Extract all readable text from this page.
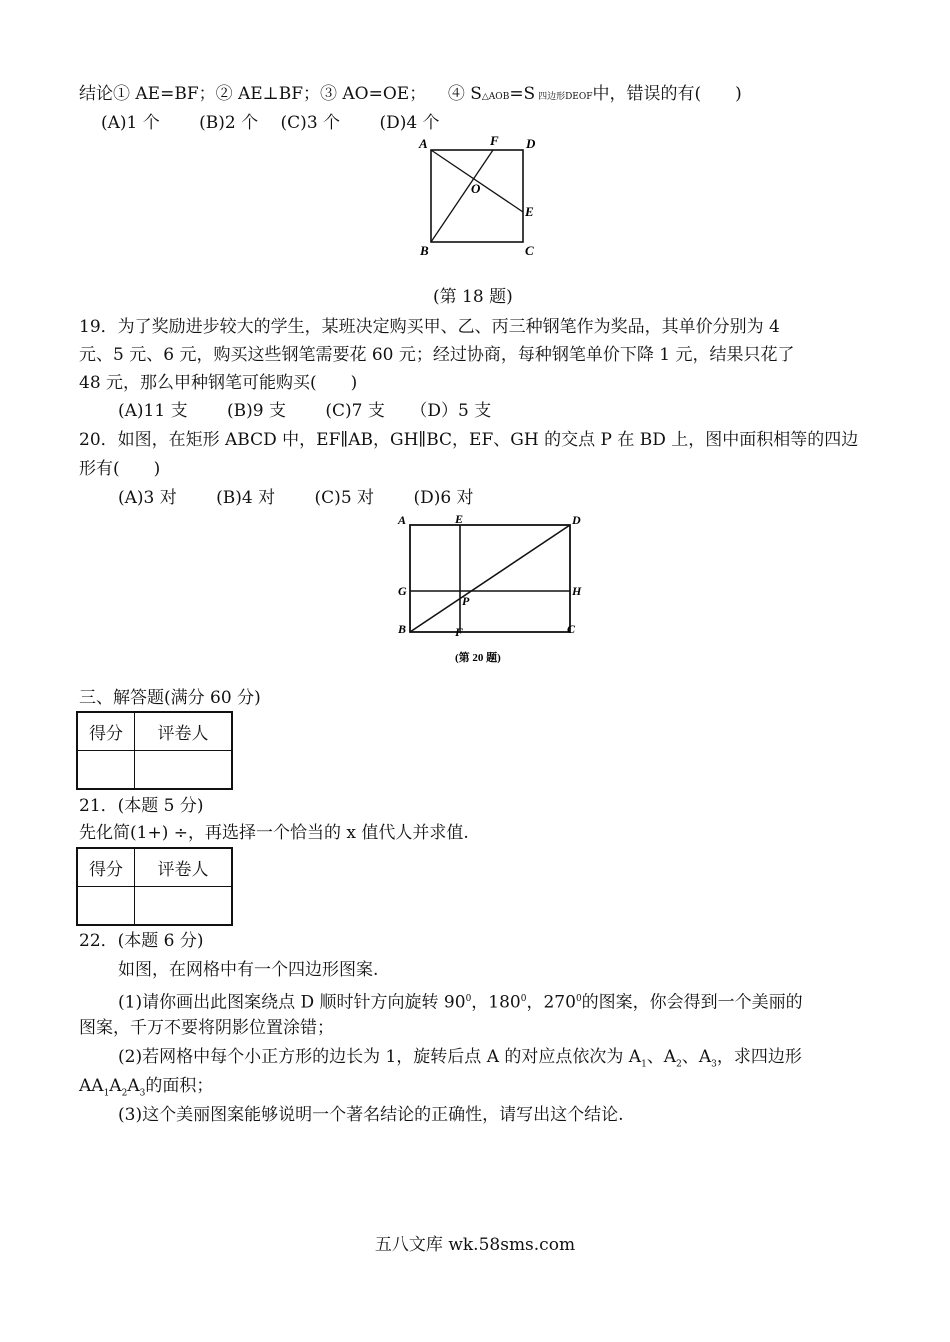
结论① AE=BF；② AE⊥BF；③ AO=OE； ④ S△AOB=S 四边形DEOF中，错误的有(　　)
(A)1 个　　 (B)2 个　 (C)3 个　　 (D)4 个
A	F D
O
E
B	C
(第 18 题)
19．为了奖励进步较大的学生，某班决定购买甲、乙、丙三种钢笔作为奖品，其单价分别为 4
元、5 元、6 元，购买这些钢笔需要花 60 元；经过协商，每种钢笔单价下降 1 元，结果只花了
48 元，那么甲种钢笔可能购买(　　)
(A)11 支　　 (B)9 支　　 (C)7 支　　（D）5 支
20．如图，在矩形 ABCD 中，EF∥AB，GH∥BC，EF、GH 的交点 P 在 BD 上，图中面积相等的四边
形有(　　)
(A)3 对　　 (B)4 对　　 (C)5 对　　 (D)6 对
A	E	D
G
P
H
B	F	C
(第 20 题)
三、解答题(满分 60 分)
得分	评卷人

21．(本题 5 分)
先化简(1+) ÷，再选择一个恰当的 x 值代人并求值.
得分	评卷人

22．(本题 6 分)
如图，在网格中有一个四边形图案.
(1)请你画出此图案绕点 D 顺时针方向旋转 $90^0$，$180^0$，$270^0$的图案，你会得到一个美丽的
图案，千万不要将阴影位置涂错；
(2)若网格中每个小正方形的边长为 1，旋转后点 A 的对应点依次为 $A_1$、$A_2$、$A_3$，求四边形
$AA_1A_2A_3$的面积；
(3)这个美丽图案能够说明一个著名结论的正确性，请写出这个结论.
五八文库 wk.58sms.com
